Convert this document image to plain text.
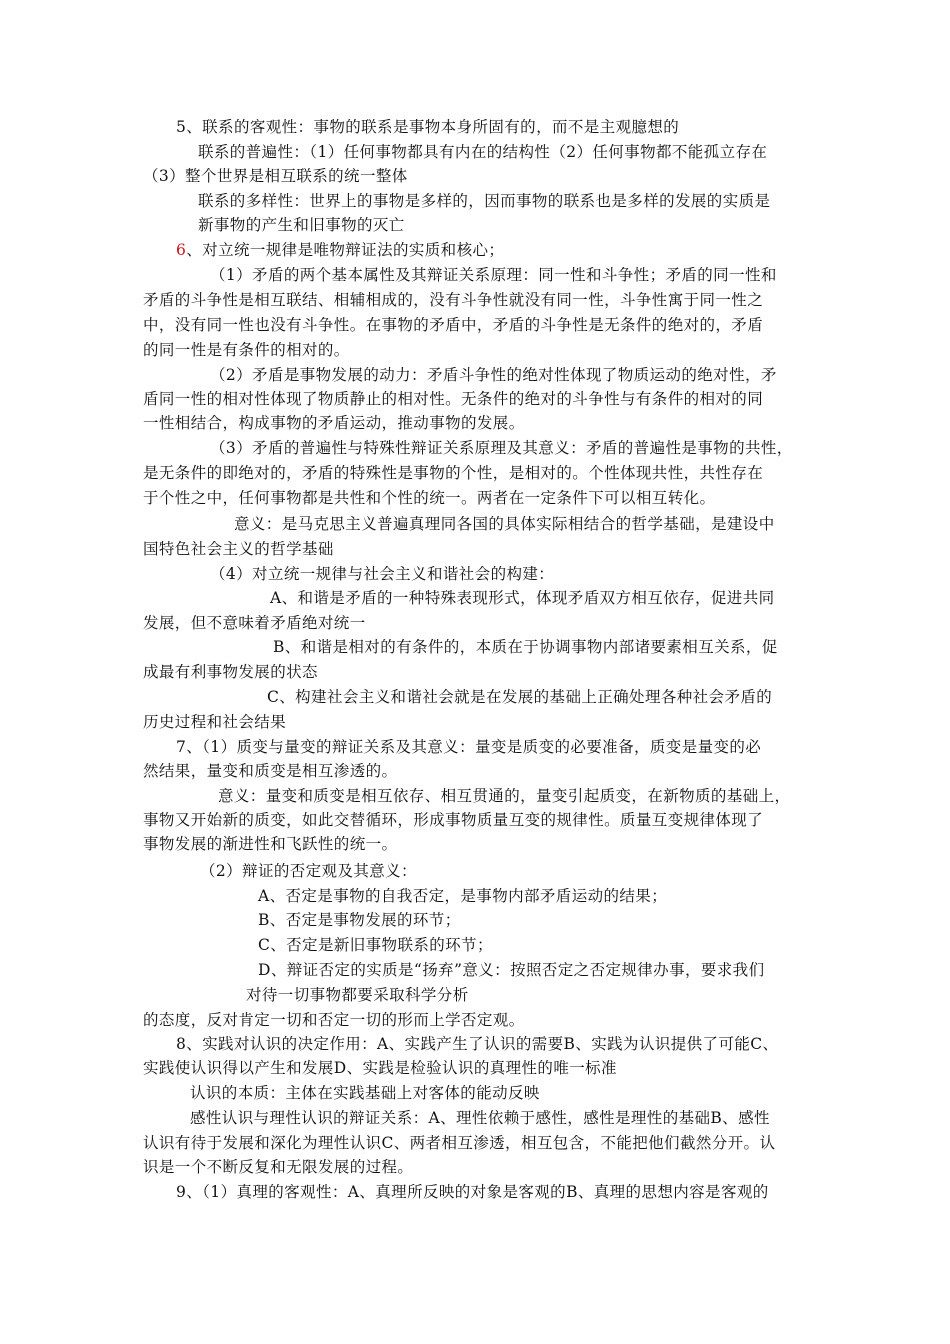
5、联系的客观性：事物的联系是事物本身所固有的，而不是主观臆想的
联系的普遍性：（1）任何事物都具有内在的结构性（2）任何事物都不能孤立存在
（3）整个世界是相互联系的统一整体
联系的多样性：世界上的事物是多样的，因而事物的联系也是多样的发展的实质是
新事物的产生和旧事物的灭亡
6、对立统一规律是唯物辩证法的实质和核心；
（1）矛盾的两个基本属性及其辩证关系原理：同一性和斗争性；矛盾的同一性和
矛盾的斗争性是相互联结、相辅相成的，没有斗争性就没有同一性，斗争性寓于同一性之
中，没有同一性也没有斗争性。在事物的矛盾中，矛盾的斗争性是无条件的绝对的，矛盾
的同一性是有条件的相对的。
（2）矛盾是事物发展的动力：矛盾斗争性的绝对性体现了物质运动的绝对性，矛
盾同一性的相对性体现了物质静止的相对性。无条件的绝对的斗争性与有条件的相对的同
一性相结合，构成事物的矛盾运动，推动事物的发展。
（3）矛盾的普遍性与特殊性辩证关系原理及其意义：矛盾的普遍性是事物的共性，
是无条件的即绝对的，矛盾的特殊性是事物的个性，是相对的。个性体现共性，共性存在
于个性之中，任何事物都是共性和个性的统一。两者在一定条件下可以相互转化。
意义：是马克思主义普遍真理同各国的具体实际相结合的哲学基础，是建设中
国特色社会主义的哲学基础
（4）对立统一规律与社会主义和谐社会的构建：
A、和谐是矛盾的一种特殊表现形式，体现矛盾双方相互依存，促进共同
发展，但不意味着矛盾绝对统一
B、和谐是相对的有条件的，本质在于协调事物内部诸要素相互关系，促
成最有利事物发展的状态
C、构建社会主义和谐社会就是在发展的基础上正确处理各种社会矛盾的
历史过程和社会结果
7、（1）质变与量变的辩证关系及其意义：量变是质变的必要准备，质变是量变的必
然结果，量变和质变是相互渗透的。
意义：量变和质变是相互依存、相互贯通的，量变引起质变，在新物质的基础上，
事物又开始新的质变，如此交替循环，形成事物质量互变的规律性。质量互变规律体现了
事物发展的渐进性和飞跃性的统一。
（2）辩证的否定观及其意义：
A、否定是事物的自我否定，是事物内部矛盾运动的结果；
B、否定是事物发展的环节；
C、否定是新旧事物联系的环节；
D、辩证否定的实质是“扬弃”意义：按照否定之否定规律办事，要求我们
对待一切事物都要采取科学分析
的态度，反对肯定一切和否定一切的形而上学否定观。
8、实践对认识的决定作用：A、实践产生了认识的需要B、实践为认识提供了可能C、
实践使认识得以产生和发展D、实践是检验认识的真理性的唯一标准
认识的本质：主体在实践基础上对客体的能动反映
感性认识与理性认识的辩证关系：A、理性依赖于感性，感性是理性的基础B、感性
认识有待于发展和深化为理性认识C、两者相互渗透，相互包含，不能把他们截然分开。认
识是一个不断反复和无限发展的过程。
9、（1）真理的客观性：A、真理所反映的对象是客观的B、真理的思想内容是客观的
